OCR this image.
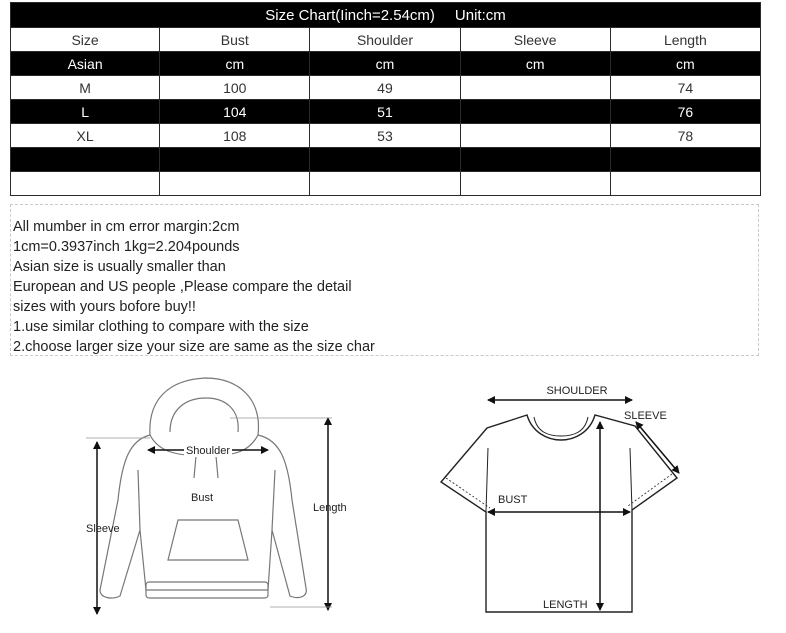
Size Chart(Iinch=2.54cm) Unit:cm				
Size	Bust	Shoulder	Sleeve	Length
Asian	cm	cm	cm	cm
M	100	49		74
L	104	51		76
XL	108	53		78

All mumber in cm error margin:2cm
1cm=0.3937inch 1kg=2.204pounds
Asian size is usually smaller than
European and US people ,Please compare the detail
sizes with yours bofore buy!!
1.use similar clothing to compare with the size
2.choose larger size your size are same as the size char
Shoulder
Bust
Length
Sleeve
SHOULDER
SLEEVE
BUST
LENGTH
